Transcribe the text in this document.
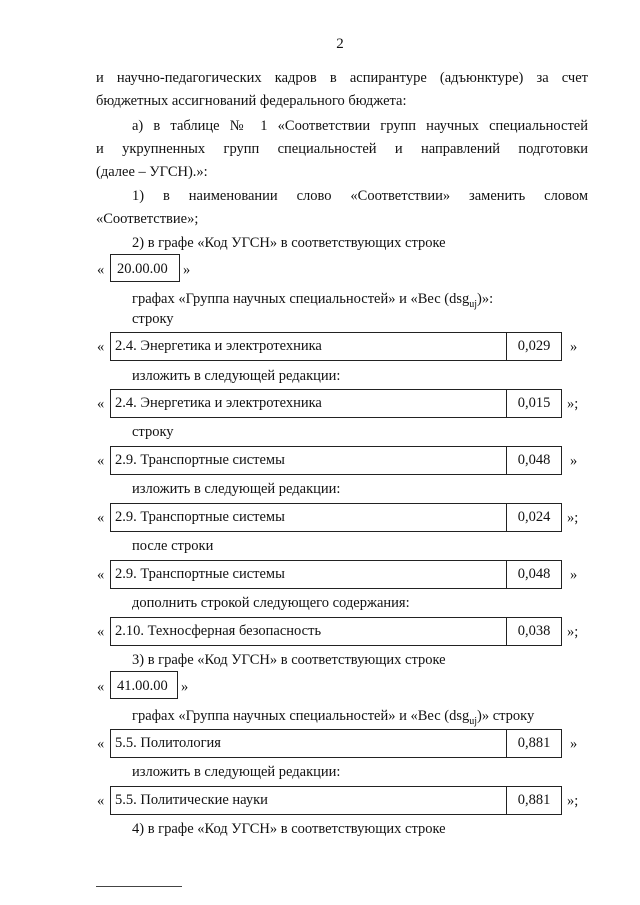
2
и научно-педагогических кадров в аспирантуре (адъюнктуре) за счет
бюджетных ассигнований федерального бюджета:
а) в таблице № 1 «Соответствии групп научных специальностей
и укрупненных групп специальностей и направлений подготовки
(далее – УГСН).»:
1) в наименовании слово «Соответствии» заменить словом
«Соответствие»;
2) в графе «Код УГСН» в соответствующих строке
« 20.00.00	»
графах «Группа научных специальностей» и «Вес (dsg$_{uj}$)»:
строку
« 2.4. Энергетика и электротехника	0,029	»
изложить в следующей редакции:
« 2.4. Энергетика и электротехника	0,015	»;
строку
« 2.9. Транспортные системы	0,048	»
изложить в следующей редакции:
« 2.9. Транспортные системы	0,024	»;
после строки
« 2.9. Транспортные системы	0,048	»
дополнить строкой следующего содержания:
« 2.10. Техносферная безопасность	0,038	»;
3) в графе «Код УГСН» в соответствующих строке
« 41.00.00 »
графах «Группа научных специальностей» и «Вес (dsg$_{uj}$)» строку
« 5.5. Политология	0,881	»
изложить в следующей редакции:
« 5.5. Политические науки	0,881	»;
4) в графе «Код УГСН» в соответствующих строке
